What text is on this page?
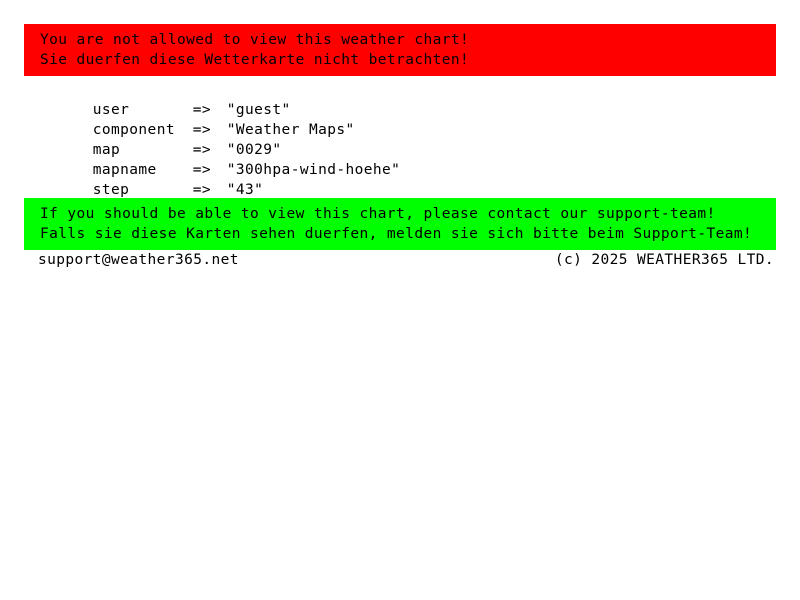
You are not allowed to view this weather chart!
Sie duerfen diese Wetterkarte nicht betrachten!

user	=> "guest"

component => "Weather Maps"

map	=> "0029"

mapname => "300hpa-wind-hoehe"

step	=> "43"

If you should be able to view this chart, please contact our support-team!
Falls sie diese Karten sehen duerfen, melden sie sich bitte beim Support-Team!
support@weather365.net	(c) 2025 WEATHER365 LTD.
